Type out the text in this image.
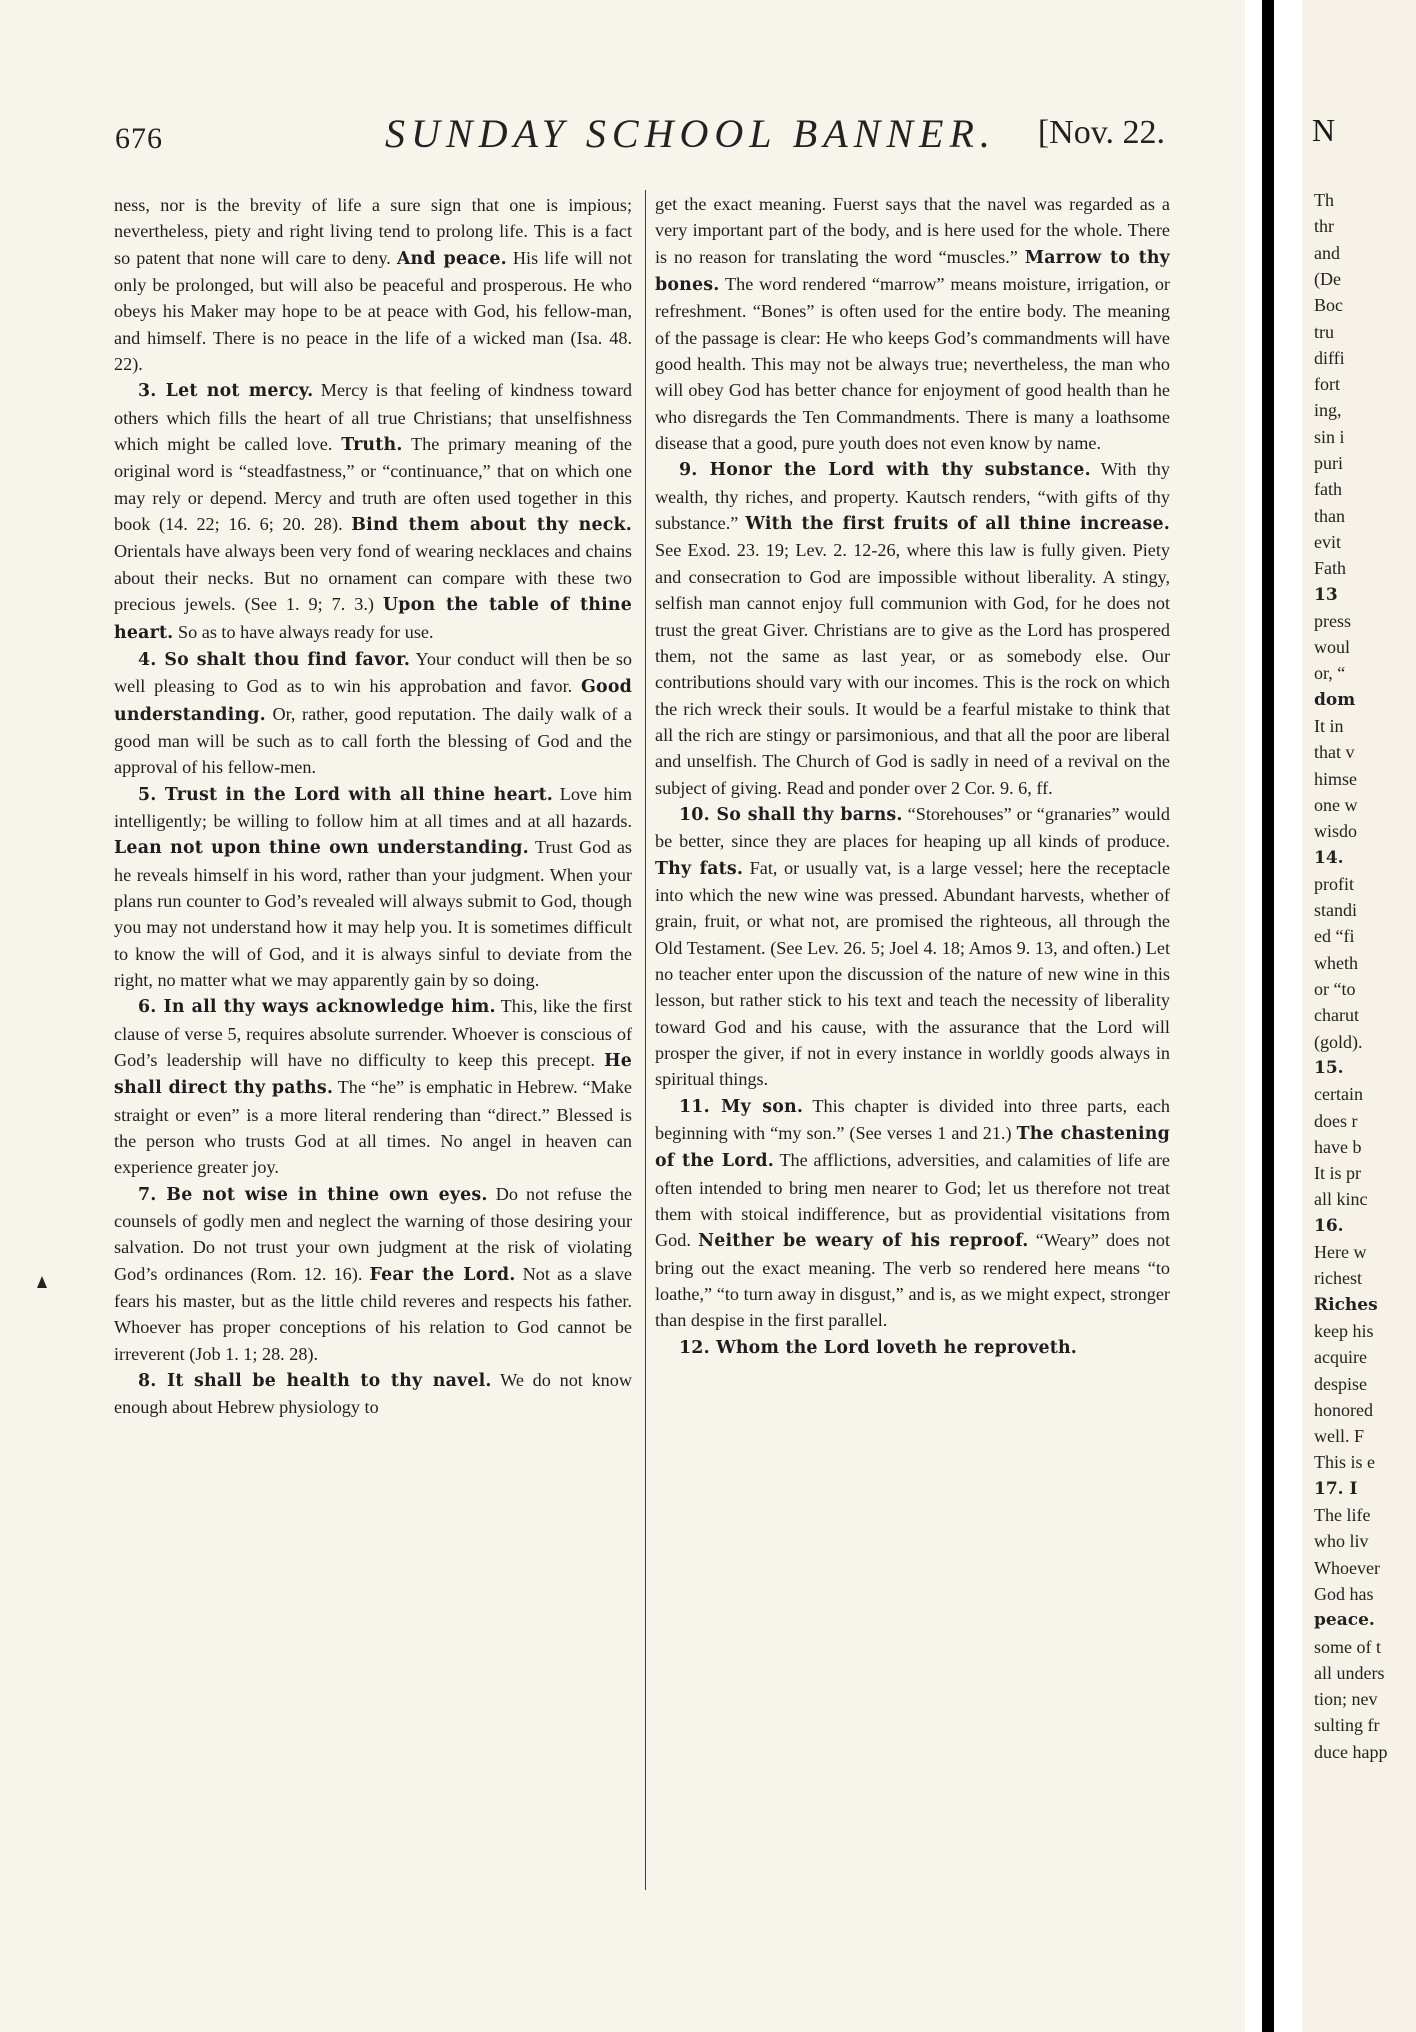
676	SUNDAY SCHOOL BANNER. [Nov. 22.

ness, nor is the brevity of life a sure sign that one is impious; nevertheless, piety and right living tend to prolong life. This is a fact so patent that none will care to deny. And peace. His life will not only be prolonged, but will also be peaceful and prosperous. He who obeys his Maker may hope to be at peace with God, his fellow-man, and himself. There is no peace in the life of a wicked man (Isa. 48. 22).

3. Let not mercy. Mercy is that feeling of kindness toward others which fills the heart of all true Christians; that unselfishness which might be called love. Truth. The primary meaning of the original word is “steadfastness,” or “continuance,” that on which one may rely or depend. Mercy and truth are often used together in this book (14. 22; 16. 6; 20. 28). Bind them about thy neck. Orientals have always been very fond of wearing necklaces and chains about their necks. But no ornament can compare with these two precious jewels. (See 1. 9; 7. 3.) Upon the table of thine heart. So as to have always ready for use.

4. So shalt thou find favor. Your conduct will then be so well pleasing to God as to win his approbation and favor. Good understanding. Or, rather, good reputation. The daily walk of a good man will be such as to call forth the blessing of God and the approval of his fellow-men.

5. Trust in the Lord with all thine heart. Love him intelligently; be willing to follow him at all times and at all hazards. Lean not upon thine own understanding. Trust God as he reveals himself in his word, rather than your judgment. When your plans run counter to God’s revealed will always submit to God, though you may not understand how it may help you. It is sometimes difficult to know the will of God, and it is always sinful to deviate from the right, no matter what we may apparently gain by so doing.

6. In all thy ways acknowledge him. This, like the first clause of verse 5, requires absolute surrender. Whoever is conscious of God’s leadership will have no difficulty to keep this precept. He shall direct thy paths. The “he” is emphatic in Hebrew. “Make straight or even” is a more literal rendering than “direct.” Blessed is the person who trusts God at all times. No angel in heaven can experience greater joy.

7. Be not wise in thine own eyes. Do not refuse the counsels of godly men and neglect the warning of those desiring your salvation. Do not trust your own judgment at the risk of violating God’s ordinances (Rom. 12. 16). Fear the Lord. Not as a slave fears his master, but as the little child reveres and respects his father. Whoever has proper conceptions of his relation to God cannot be irreverent (Job 1. 1; 28. 28).

8. It shall be health to thy navel. We do not know enough about Hebrew physiology to

get the exact meaning. Fuerst says that the navel was regarded as a very important part of the body, and is here used for the whole. There is no reason for translating the word “muscles.” Marrow to thy bones. The word rendered “marrow” means moisture, irrigation, or refreshment. “Bones” is often used for the entire body. The meaning of the passage is clear: He who keeps God’s commandments will have good health. This may not be always true; nevertheless, the man who will obey God has better chance for enjoyment of good health than he who disregards the Ten Commandments. There is many a loathsome disease that a good, pure youth does not even know by name.

9. Honor the Lord with thy substance. With thy wealth, thy riches, and property. Kautsch renders, “with gifts of thy substance.” With the first fruits of all thine increase. See Exod. 23. 19; Lev. 2. 12-26, where this law is fully given. Piety and consecration to God are impossible without liberality. A stingy, selfish man cannot enjoy full communion with God, for he does not trust the great Giver. Christians are to give as the Lord has prospered them, not the same as last year, or as somebody else. Our contributions should vary with our incomes. This is the rock on which the rich wreck their souls. It would be a fearful mistake to think that all the rich are stingy or parsimonious, and that all the poor are liberal and unselfish. The Church of God is sadly in need of a revival on the subject of giving. Read and ponder over 2 Cor. 9. 6, ff.

10. So shall thy barns. “Storehouses” or “granaries” would be better, since they are places for heaping up all kinds of produce. Thy fats. Fat, or usually vat, is a large vessel; here the receptacle into which the new wine was pressed. Abundant harvests, whether of grain, fruit, or what not, are promised the righteous, all through the Old Testament. (See Lev. 26. 5; Joel 4. 18; Amos 9. 13, and often.) Let no teacher enter upon the discussion of the nature of new wine in this lesson, but rather stick to his text and teach the necessity of liberality toward God and his cause, with the assurance that the Lord will prosper the giver, if not in every instance in worldly goods always in spiritual things.

11. My son. This chapter is divided into three parts, each beginning with “my son.” (See verses 1 and 21.) The chastening of the Lord. The afflictions, adversities, and calamities of life are often intended to bring men nearer to God; let us therefore not treat them with stoical indifference, but as providential visitations from God. Neither be weary of his reproof. “Weary” does not bring out the exact meaning. The verb so rendered here means “to loathe,” “to turn away in disgust,” and is, as we might expect, stronger than despise in the first parallel.

12. Whom the Lord loveth he reproveth.

N
Th
thr
and
(De
Boc
tru
diffi
fort
ing,
sin i
puri
fath
than
evit
Fath
13
press
woul
or, “
dom
It in
that v
himse
one w
wisdo
14.
profit
standi
ed “fi
wheth
or “to
charut
(gold).
15.
certain
does r
have b
It is pr
all kinc
16.
Here w
richest
Riches
keep his
acquire
despise
honored
well. F
This is e
17. I
The life
who liv
Whoever
God has
peace.
some of t
all unders
tion; nev
sulting fr
duce happ
